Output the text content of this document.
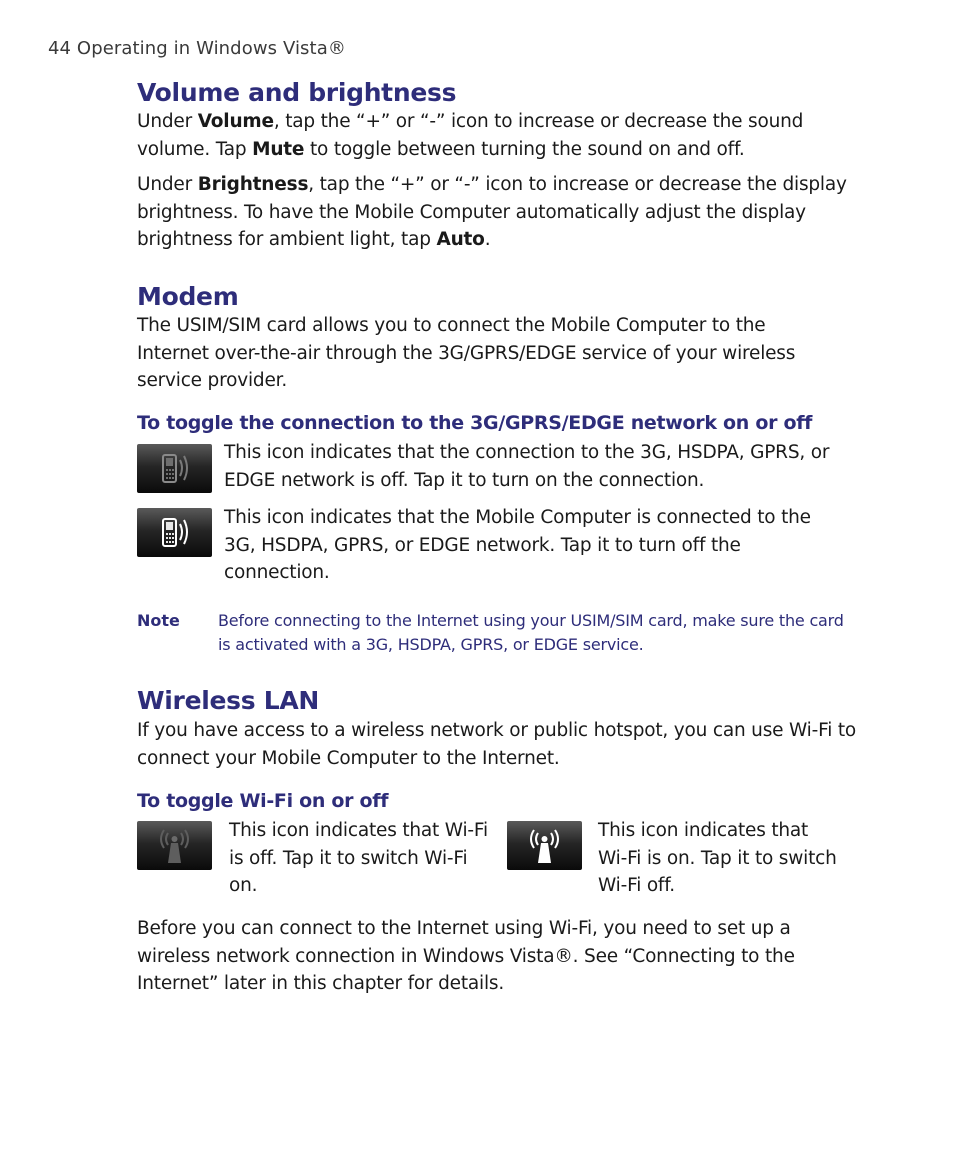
44 Operating in Windows Vista®
Volume and brightness

Under Volume, tap the “+” or “-” icon to increase or decrease the sound volume. Tap Mute to toggle between turning the sound on and off.

Under Brightness, tap the “+” or “-” icon to increase or decrease the display brightness. To have the Mobile Computer automatically adjust the display brightness for ambient light, tap Auto.

Modem

The USIM/SIM card allows you to connect the Mobile Computer to the Internet over-the-air through the 3G/GPRS/EDGE service of your wireless service provider.

To toggle the connection to the 3G/GPRS/EDGE network on or off

This icon indicates that the connection to the 3G, HSDPA, GPRS, or EDGE network is off. Tap it to turn on the connection.

This icon indicates that the Mobile Computer is connected to the 3G, HSDPA, GPRS, or EDGE network. Tap it to turn off the connection.

Note Before connecting to the Internet using your USIM/SIM card, make sure the card is activated with a 3G, HSDPA, GPRS, or EDGE service.
Wireless LAN

If you have access to a wireless network or public hotspot, you can use Wi-Fi to connect your Mobile Computer to the Internet.

To toggle Wi-Fi on or off

This icon indicates that Wi-Fi is off. Tap it to switch Wi-Fi on.

This icon indicates that Wi-Fi is on. Tap it to switch Wi-Fi off.

Before you can connect to the Internet using Wi-Fi, you need to set up a wireless network connection in Windows Vista®. See “Connecting to the Internet” later in this chapter for details.
